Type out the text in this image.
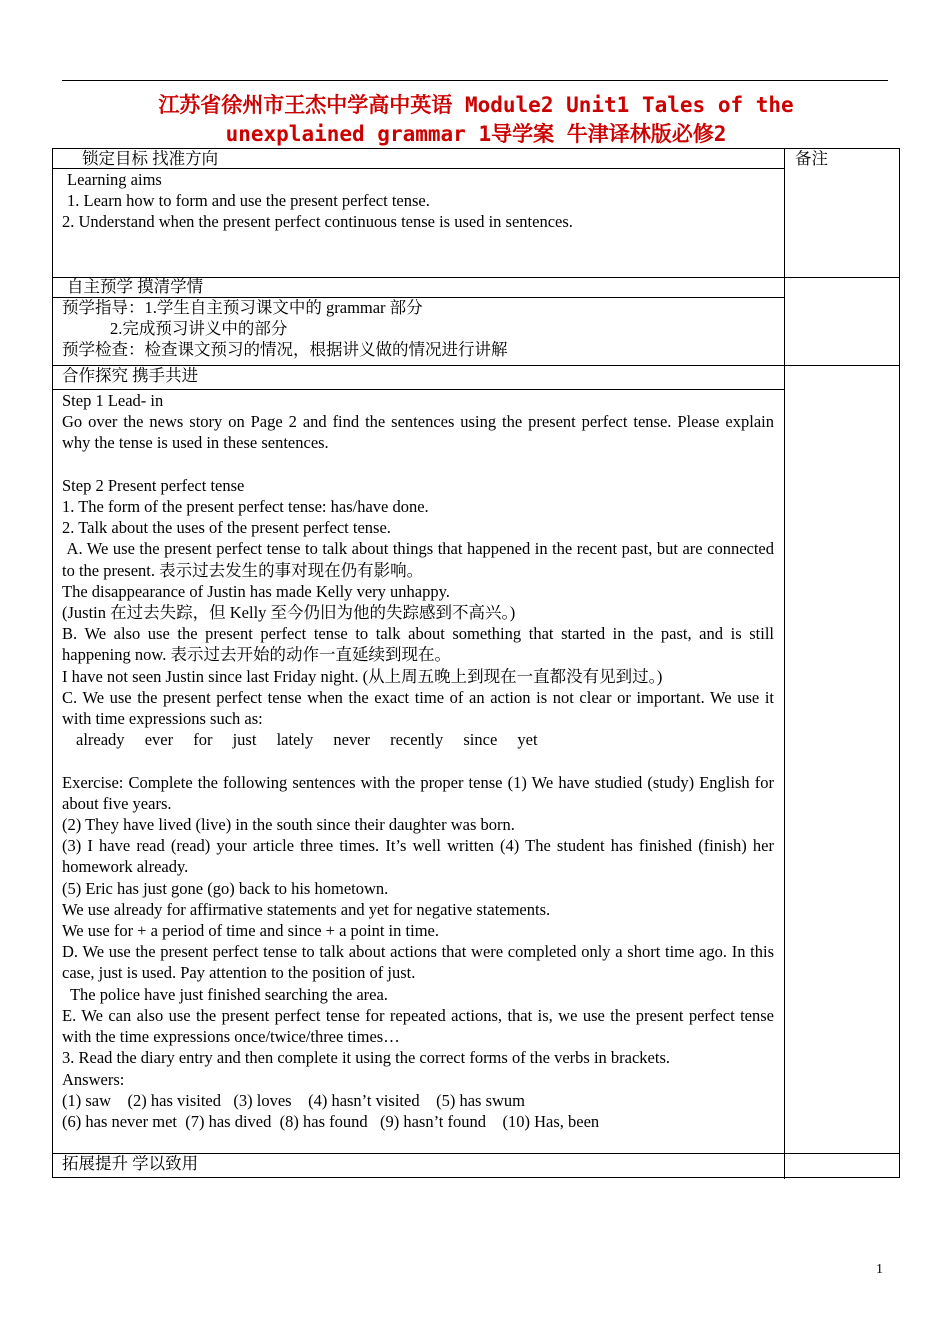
江苏省徐州市王杰中学高中英语 Module2 Unit1 Tales of the
unexplained grammar 1导学案 牛津译林版必修2
锁定目标 找准方向	备注

Learning aims

1. Learn how to form and use the present perfect tense.

2. Understand when the present perfect continuous tense is used in sentences.

自主预学 摸清学情

预学指导：1.学生自主预习课文中的 grammar 部分

2.完成预习讲义中的部分

预学检查：检查课文预习的情况，根据讲义做的情况进行讲解

合作探究 携手共进

Step 1 Lead- in

Go over the news story on Page 2 and find the sentences using the present perfect tense. Please explain why the tense is used in these sentences.

Step 2 Present perfect tense

1. The form of the present perfect tense: has/have done.

2. Talk about the uses of the present perfect tense.

A. We use the present perfect tense to talk about things that happened in the recent past, but are connected to the present. 表示过去发生的事对现在仍有影响。

The disappearance of Justin has made Kelly very unhappy.

(Justin 在过去失踪，但 Kelly 至今仍旧为他的失踪感到不高兴。)

B. We also use the present perfect tense to talk about something that started in the past, and is still happening now. 表示过去开始的动作一直延续到现在。

I have not seen Justin since last Friday night. (从上周五晚上到现在一直都没有见到过。)

C. We use the present perfect tense when the exact time of an action is not clear or important. We use it with time expressions such as:

already ever for just lately never recently since yet

Exercise: Complete the following sentences with the proper tense (1) We have studied (study) English for about five years.

(2) They have lived (live) in the south since their daughter was born.

(3) I have read (read) your article three times. It’s well written (4) The student has finished (finish) her homework already.

(5) Eric has just gone (go) back to his hometown.

We use already for affirmative statements and yet for negative statements.

We use for + a period of time and since + a point in time.

D. We use the present perfect tense to talk about actions that were completed only a short time ago. In this case, just is used. Pay attention to the position of just.

The police have just finished searching the area.

E. We can also use the present perfect tense for repeated actions, that is, we use the present perfect tense with the time expressions once/twice/three times…

3. Read the diary entry and then complete it using the correct forms of the verbs in brackets.

Answers:

(1) saw    (2) has visited   (3) loves    (4) hasn’t visited    (5) has swum

(6) has never met  (7) has dived  (8) has found   (9) hasn’t found    (10) Has, been

拓展提升 学以致用
1
